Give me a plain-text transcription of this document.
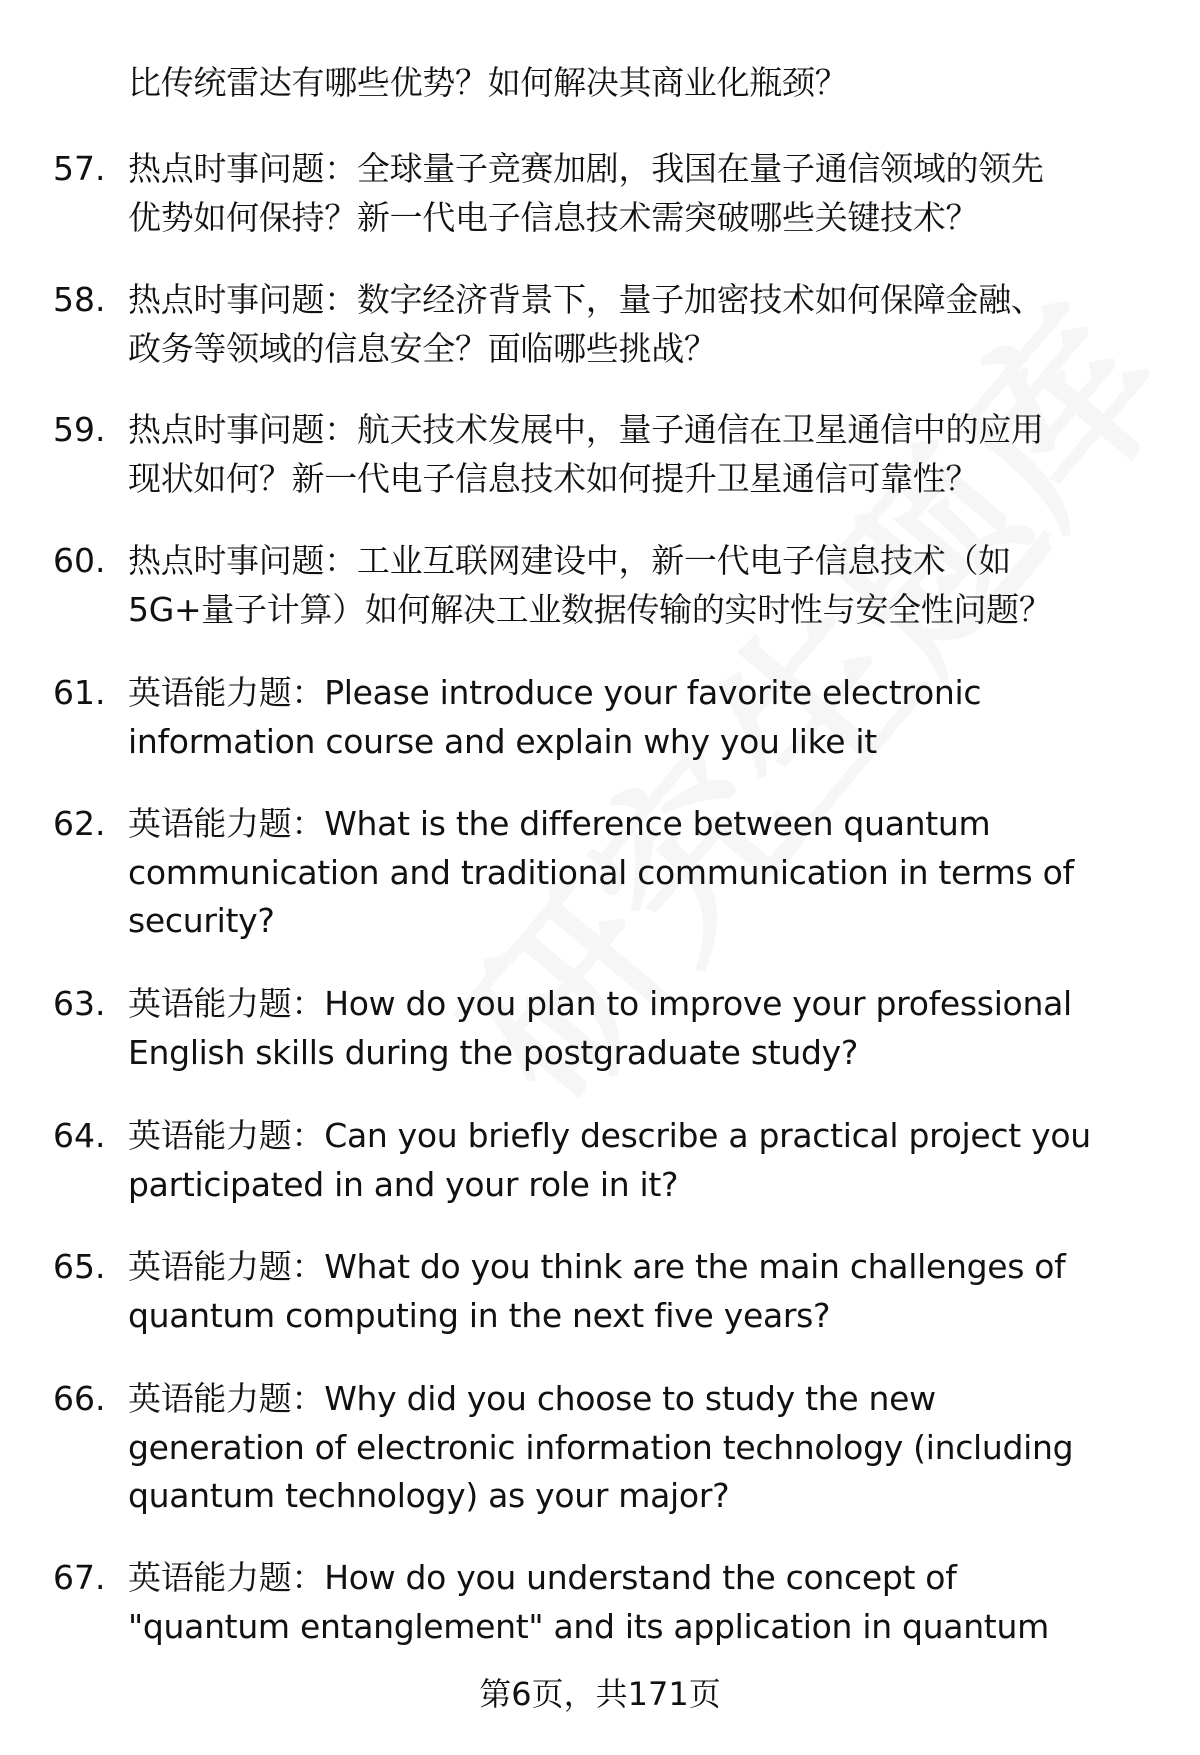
比传统雷达有哪些优势？如何解决其商业化瓶颈？
57. 热点时事问题：全球量子竞赛加剧，我国在量子通信领域的领先
优势如何保持？新一代电子信息技术需突破哪些关键技术？
58. 热点时事问题：数字经济背景下，量子加密技术如何保障金融、
政务等领域的信息安全？面临哪些挑战？
59. 热点时事问题：航天技术发展中，量子通信在卫星通信中的应用
现状如何？新一代电子信息技术如何提升卫星通信可靠性？
60. 热点时事问题：工业互联网建设中，新一代电子信息技术（如
5G+量子计算）如何解决工业数据传输的实时性与安全性问题？
61. 英语能力题：Please introduce your favorite electronic
information course and explain why you like it
62. 英语能力题：What is the difference between quantum
communication and traditional communication in terms of
security?
63. 英语能力题：How do you plan to improve your professional
English skills during the postgraduate study?
64. 英语能力题：Can you briefly describe a practical project you
participated in and your role in it?
65. 英语能力题：What do you think are the main challenges of
quantum computing in the next five years?
66. 英语能力题：Why did you choose to study the new
generation of electronic information technology (including
quantum technology) as your major?
67. 英语能力题：How do you understand the concept of
"quantum entanglement" and its application in quantum
第6页，共171页
